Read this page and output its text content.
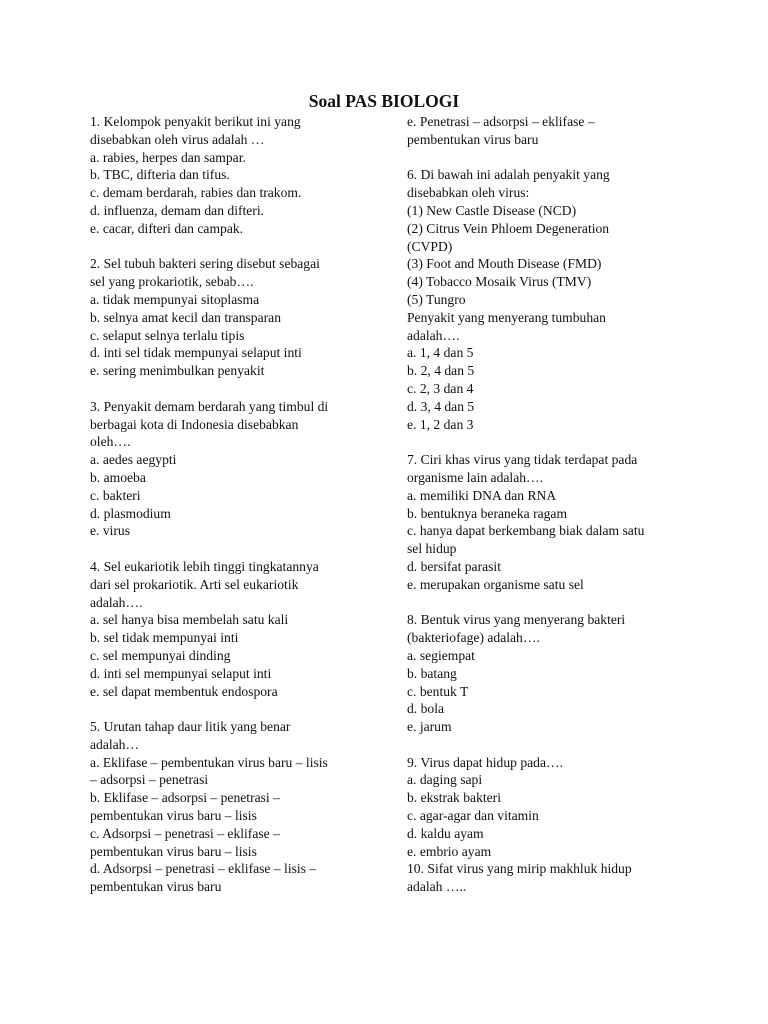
Soal PAS BIOLOGI
1. Kelompok penyakit berikut ini yang
disebabkan oleh virus adalah …
a. rabies, herpes dan sampar.
b. TBC, difteria dan tifus.
c. demam berdarah, rabies dan trakom.
d. influenza, demam dan difteri.
e. cacar, difteri dan campak.
2. Sel tubuh bakteri sering disebut sebagai
sel yang prokariotik, sebab….
a. tidak mempunyai sitoplasma
b. selnya amat kecil dan transparan
c. selaput selnya terlalu tipis
d. inti sel tidak mempunyai selaput inti
e. sering menimbulkan penyakit
3. Penyakit demam berdarah yang timbul di
berbagai kota di Indonesia disebabkan
oleh….
a. aedes aegypti
b. amoeba
c. bakteri
d. plasmodium
e. virus
4. Sel eukariotik lebih tinggi tingkatannya
dari sel prokariotik. Arti sel eukariotik
adalah….
a. sel hanya bisa membelah satu kali
b. sel tidak mempunyai inti
c. sel mempunyai dinding
d. inti sel mempunyai selaput inti
e. sel dapat membentuk endospora
5. Urutan tahap daur litik yang benar
adalah…
a. Eklifase – pembentukan virus baru – lisis
– adsorpsi – penetrasi
b. Eklifase – adsorpsi – penetrasi –
pembentukan virus baru – lisis
c. Adsorpsi – penetrasi – eklifase –
pembentukan virus baru – lisis
d. Adsorpsi – penetrasi – eklifase – lisis –
pembentukan virus baru
e. Penetrasi – adsorpsi – eklifase –
pembentukan virus baru
6. Di bawah ini adalah penyakit yang
disebabkan oleh virus:
(1) New Castle Disease (NCD)
(2) Citrus Vein Phloem Degeneration
(CVPD)
(3) Foot and Mouth Disease (FMD)
(4) Tobacco Mosaik Virus (TMV)
(5) Tungro
Penyakit yang menyerang tumbuhan
adalah….
a. 1, 4 dan 5
b. 2, 4 dan 5
c. 2, 3 dan 4
d. 3, 4 dan 5
e. 1, 2 dan 3
7. Ciri khas virus yang tidak terdapat pada
organisme lain adalah….
a. memiliki DNA dan RNA
b. bentuknya beraneka ragam
c. hanya dapat berkembang biak dalam satu
sel hidup
d. bersifat parasit
e. merupakan organisme satu sel
8. Bentuk virus yang menyerang bakteri
(bakteriofage) adalah….
a. segiempat
b. batang
c. bentuk T
d. bola
e. jarum
9. Virus dapat hidup pada….
a. daging sapi
b. ekstrak bakteri
c. agar-agar dan vitamin
d. kaldu ayam
e. embrio ayam
10. Sifat virus yang mirip makhluk hidup
adalah …..
